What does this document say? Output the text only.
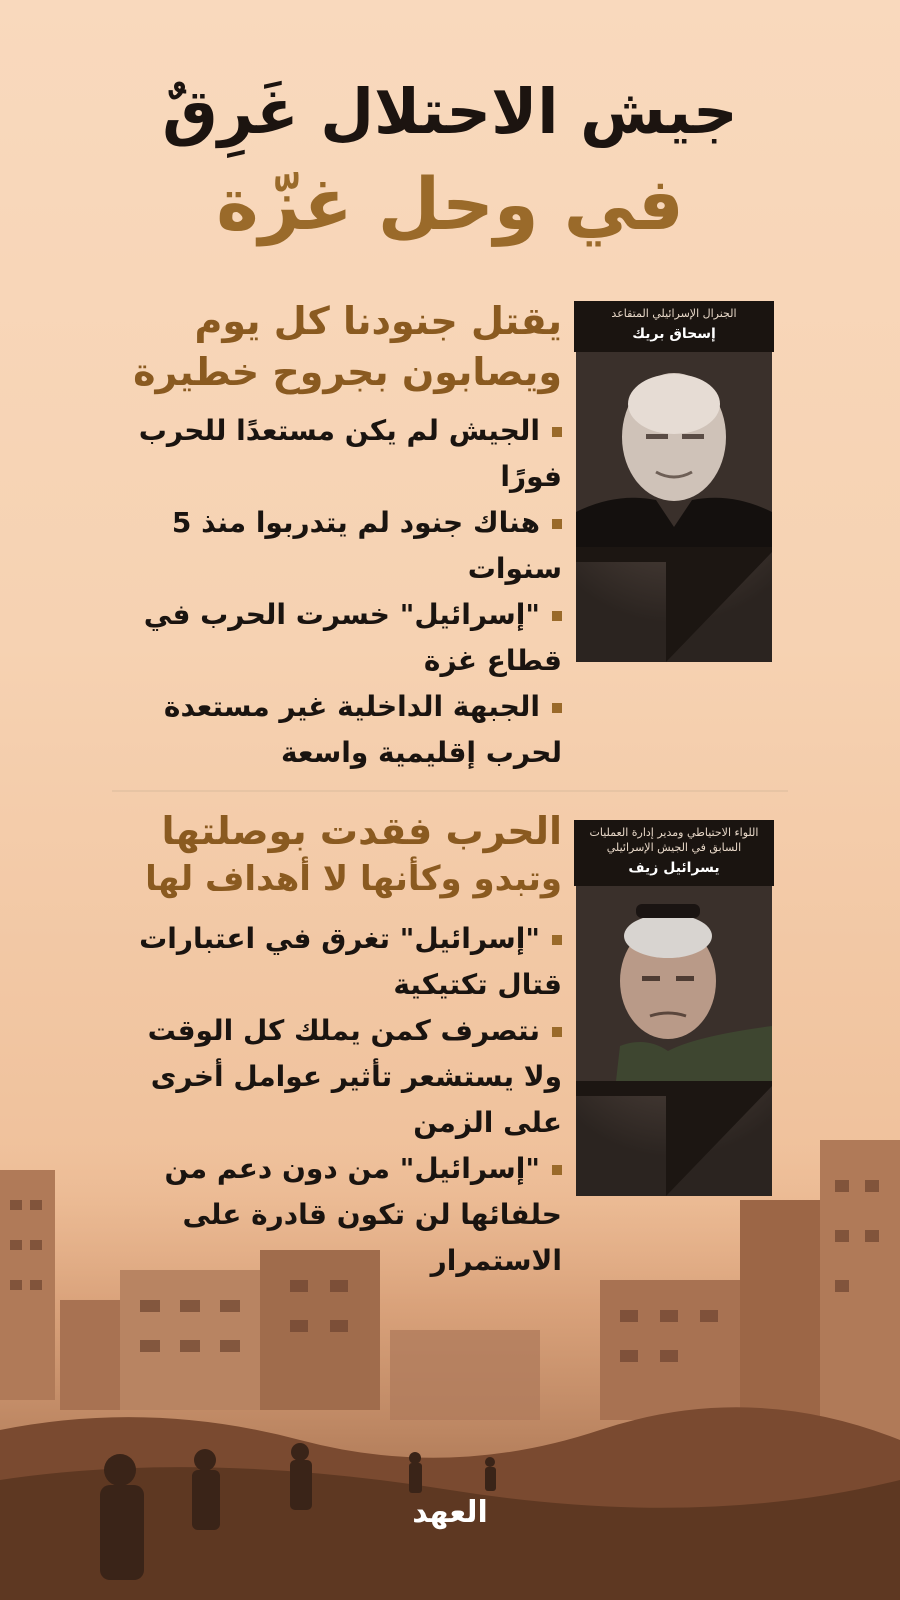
جيش الاحتلال غَرِقٌ
في وحل غزّة
يقتل جنودنا كل يوم
ويصابون بجروح خطيرة
الجيش لم يكن مستعدًا للحرب فورًا
هناك جنود لم يتدربوا منذ 5 سنوات
"إسرائيل" خسرت الحرب في قطاع غزة
الجبهة الداخلية غير مستعدة لحرب إقليمية واسعة
الجنرال الإسرائيلي المتقاعد
إسحاق بريك
الحرب فقدت بوصلتها
وتبدو وكأنها لا أهداف لها
"إسرائيل" تغرق في اعتبارات قتال تكتيكية
نتصرف كمن يملك كل الوقت ولا يستشعر تأثير عوامل أخرى على الزمن
"إسرائيل" من دون دعم من حلفائها لن تكون قادرة على الاستمرار
اللواء الاحتياطي ومدير إدارة العمليات السابق في الجيش الإسرائيلي
يسرائيل زيف
العهد
